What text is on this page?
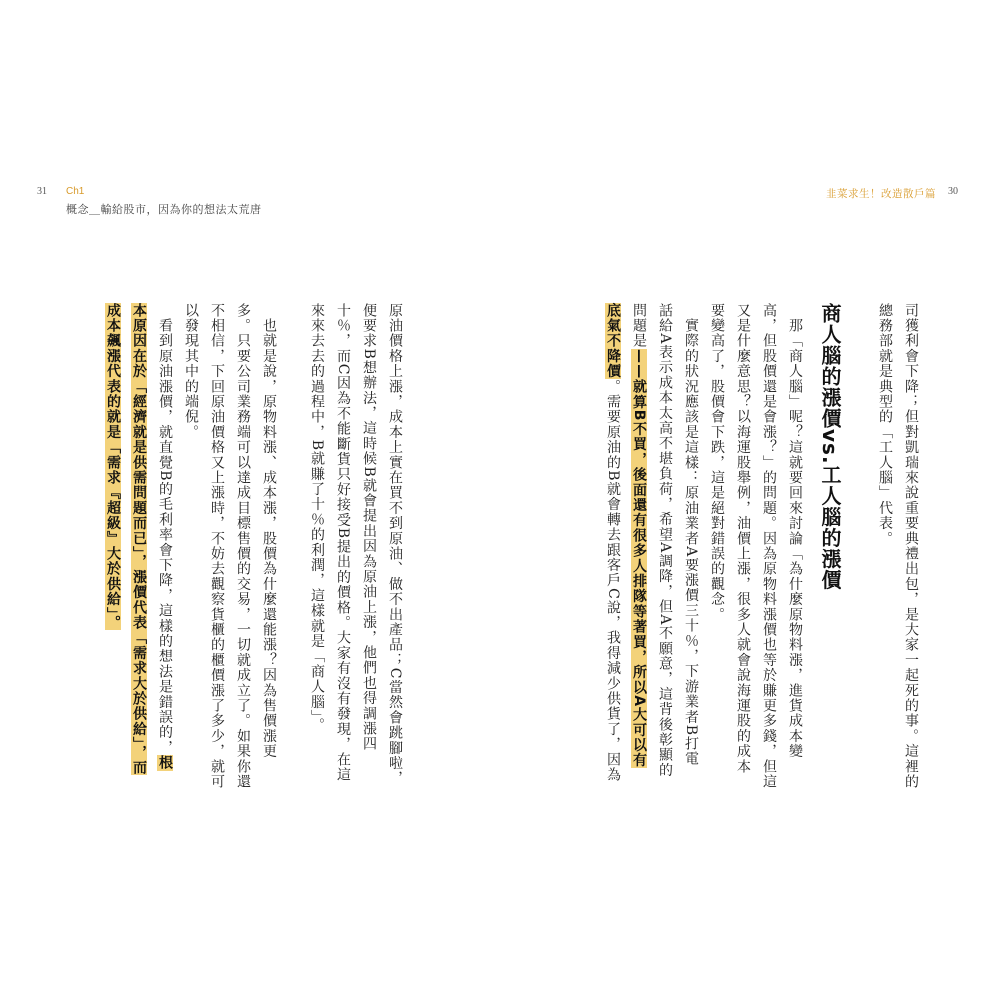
31 Ch1
概念＿輸給股市，因為你的想法太荒唐
韭菜求生！改造散戶篇 30
司獲利會下降；但對凱瑞來說重要典禮出包，是大家一起死的事。這裡的
總務部就是典型的「工人腦」代表。
商人腦的漲價vs.工人腦的漲價
　那「商人腦」呢？這就要回來討論「為什麼原物料漲，進貨成本變
高，但股價還是會漲？」的問題。因為原物料漲價也等於賺更多錢，但這
又是什麼意思？以海運股舉例，油價上漲，很多人就會說海運股的成本
要變高了，股價會下跌，這是絕對錯誤的觀念。
　實際的狀況應該是這樣：原油業者A要漲價三十％，下游業者B打電
話給A表示成本太高不堪負荷，希望A調降，但A不願意，這背後彰顯的
問題是——就算B不買，後面還有很多人排隊等著買，所以A大可以有
底氣不降價。需要原油的B就會轉去跟客戶C說，我得減少供貨了，因為
原油價格上漲，成本上實在買不到原油、做不出產品；C當然會跳腳啦，
便要求B想辦法，這時候B就會提出因為原油上漲，他們也得調漲四
十％，而C因為不能斷貨只好接受B提出的價格。大家有沒有發現，在這
來來去去的過程中，B就賺了十％的利潤，這樣就是「商人腦」。
　也就是說，原物料漲、成本漲，股價為什麼還能漲？因為售價漲更
多。只要公司業務端可以達成目標售價的交易，一切就成立了。如果你還
不相信，下回原油價格又上漲時，不妨去觀察貨櫃的櫃價漲了多少，就可
以發現其中的端倪。
　看到原油漲價，就直覺B的毛利率會下降，這樣的想法是錯誤的，根
本原因在於「經濟就是供需問題而已」，漲價代表「需求大於供給」，而
成本飆漲代表的就是「需求『超級』大於供給」。
